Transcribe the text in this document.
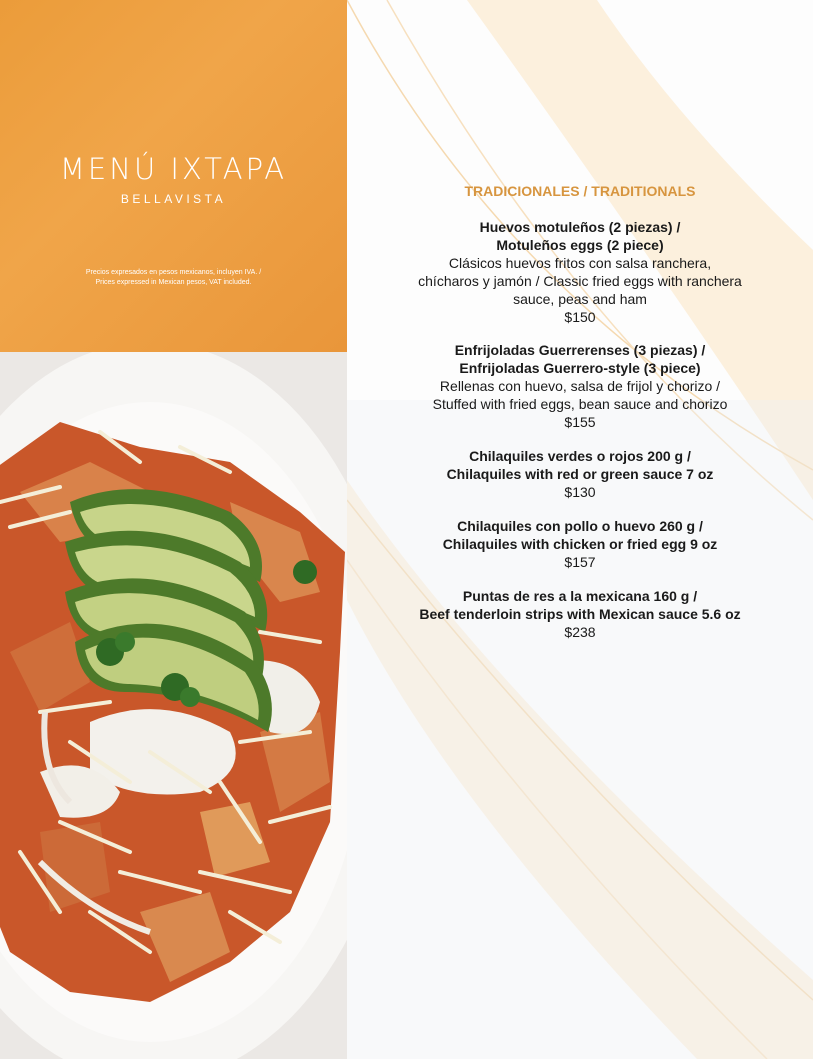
MENÚ IXTAPA
BELLAVISTA
Precios expresados en pesos mexicanos, incluyen IVA. /
Prices expressed in Mexican pesos, VAT included.
TRADICIONALES / TRADITIONALS
Huevos motuleños (2 piezas) /
Motuleños eggs (2 piece)
Clásicos huevos fritos con salsa ranchera,
chícharos y jamón / Classic fried eggs with ranchera
sauce, peas and ham
$150
Enfrijoladas Guerrerenses (3 piezas) /
Enfrijoladas Guerrero-style (3 piece)
Rellenas con huevo, salsa de frijol y chorizo /
Stuffed with fried eggs, bean sauce and chorizo
$155
Chilaquiles verdes o rojos 200 g /
Chilaquiles with red or green sauce 7 oz
$130
Chilaquiles con pollo o huevo 260 g /
Chilaquiles with chicken or fried egg 9 oz
$157
Puntas de res a la mexicana 160 g /
Beef tenderloin strips with Mexican sauce 5.6 oz
$238
